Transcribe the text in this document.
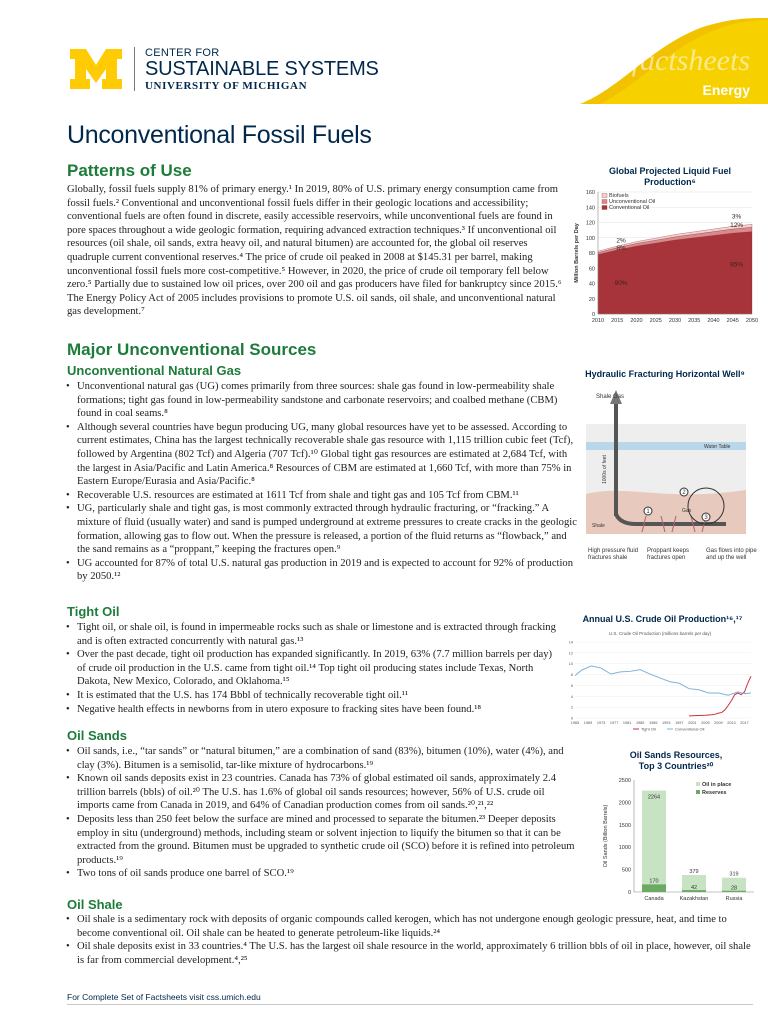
CENTER FOR
SUSTAINABLE SYSTEMS
UNIVERSITY OF MICHIGAN
factsheets
Energy
Unconventional Fossil Fuels
Patterns of Use
Globally, fossil fuels supply 81% of primary energy.¹ In 2019, 80% of U.S. primary energy consumption came from fossil fuels.² Conventional and unconventional fossil fuels differ in their geologic locations and accessibility; conventional fuels are often found in discrete, easily accessible reservoirs, while unconventional fuels are found in pore spaces throughout a wide geologic formation, requiring advanced extraction techniques.³ If unconventional oil resources (oil shale, oil sands, extra heavy oil, and natural bitumen) are accounted for, the global oil reserves quadruple current conventional reserves.⁴ The price of crude oil peaked in 2008 at $145.31 per barrel, making unconventional fossil fuels more cost-competitive.⁵ However, in 2020, the price of crude oil temporary fell below zero.⁵ Partially due to sustained low oil prices, over 200 oil and gas producers have filed for bankruptcy since 2015.⁶ The Energy Policy Act of 2005 includes provisions to promote U.S. oil sands, oil shale, and unconventional natural gas development.⁷
Global Projected Liquid Fuel
Production⁶
0
20
40
60
80
100
120
140
160
2010 2015 2020 2025 2030 2035 2040 2045 2050
Million Barrels per Day
Biofuels
Unconventional Oil
Conventional Oil
2%
8%
90%
3%
12%
85%
Major Unconventional Sources
Unconventional Natural Gas
• Unconventional natural gas (UG) comes primarily from three sources: shale gas found in low-permeability shale formations; tight gas found in low-permeability sandstone and carbonate reservoirs; and coalbed methane (CBM) found in coal seams.⁸
• Although several countries have begun producing UG, many global resources have yet to be assessed. According to current estimates, China has the largest technically recoverable shale gas resource with 1,115 trillion cubic feet (Tcf), followed by Argentina (802 Tcf) and Algeria (707 Tcf).¹⁰ Global tight gas resources are estimated at 2,684 Tcf, with the largest in Asia/Pacific and Latin America.⁸ Resources of CBM are estimated at 1,660 Tcf, with more than 75% in Eastern Europe/Eurasia and Asia/Pacific.⁸
• Recoverable U.S. resources are estimated at 1611 Tcf from shale and tight gas and 105 Tcf from CBM.¹¹
• UG, particularly shale and tight gas, is most commonly extracted through hydraulic fracturing, or “fracking.” A mixture of fluid (usually water) and sand is pumped underground at extreme pressures to create cracks in the geologic formation, allowing gas to flow out. When the pressure is released, a portion of the fluid returns as “flowback,” and the sand remains as a “proppant,” keeping the fractures open.⁹
• UG accounted for 87% of total U.S. natural gas production in 2019 and is expected to account for 92% of production by 2050.¹²
Hydraulic Fracturing Horizontal Well⁹
1
2
3
Shale Gas
Water Table
1000s of feet
Gas
Shale
High pressure fluid fractures shale
Proppant keeps fractures open
Gas flows into pipe and up the well
Tight Oil
• Tight oil, or shale oil, is found in impermeable rocks such as shale or limestone and is extracted through fracking and is often extracted concurrently with natural gas.¹³
• Over the past decade, tight oil production has expanded significantly. In 2019, 63% (7.7 million barrels per day) of crude oil production in the U.S. came from tight oil.¹⁴ Top tight oil producing states include Texas, North Dakota, New Mexico, Colorado, and Oklahoma.¹⁵
• It is estimated that the U.S. has 174 Bbbl of technically recoverable tight oil.¹¹
• Negative health effects in newborns from in utero exposure to fracking sites have been found.¹⁸
Annual U.S. Crude Oil Production¹⁶,¹⁷
U.S. Crude Oil Production (millions barrels per day)
0
2
4
6
8
10
12
14
1965 1969 1973 1977 1981 1985 1989 1993 1997 2001 2005 2009 2013 2017
Tight Oil	Conventional Oil
Oil Sands
• Oil sands, i.e., “tar sands” or “natural bitumen,” are a combination of sand (83%), bitumen (10%), water (4%), and clay (3%). Bitumen is a semisolid, tar-like mixture of hydrocarbons.¹⁹
• Known oil sands deposits exist in 23 countries. Canada has 73% of global estimated oil sands, approximately 2.4 trillion barrels (bbls) of oil.²⁰ The U.S. has 1.6% of global oil sands resources; however, 56% of U.S. crude oil imports came from Canada in 2019, and 64% of Canadian production comes from oil sands.²⁰,²¹,²²
• Deposits less than 250 feet below the surface are mined and processed to separate the bitumen.²³ Deeper deposits employ in situ (underground) methods, including steam or solvent injection to liquify the bitumen so that it can be extracted from the ground. Bitumen must be upgraded to synthetic crude oil (SCO) before it is refined into petroleum products.¹⁹
• Two tons of oil sands produce one barrel of SCO.¹⁹
Oil Sands Resources,
Top 3 Countries²⁰
0
500
1000
1500
2000
2500
Oil Sands (Billion Barrels)
2264
170
Canada
379
42
Kazakhstan
319
28
Russia
Oil in place
Reserves
Oil Shale
• Oil shale is a sedimentary rock with deposits of organic compounds called kerogen, which has not undergone enough geologic pressure, heat, and time to become conventional oil. Oil shale can be heated to generate petroleum-like liquids.²⁴
• Oil shale deposits exist in 33 countries.⁴ The U.S. has the largest oil shale resource in the world, approximately 6 trillion bbls of oil in place, however, oil shale is far from commercial development.⁴,²⁵
For Complete Set of Factsheets visit css.umich.edu
